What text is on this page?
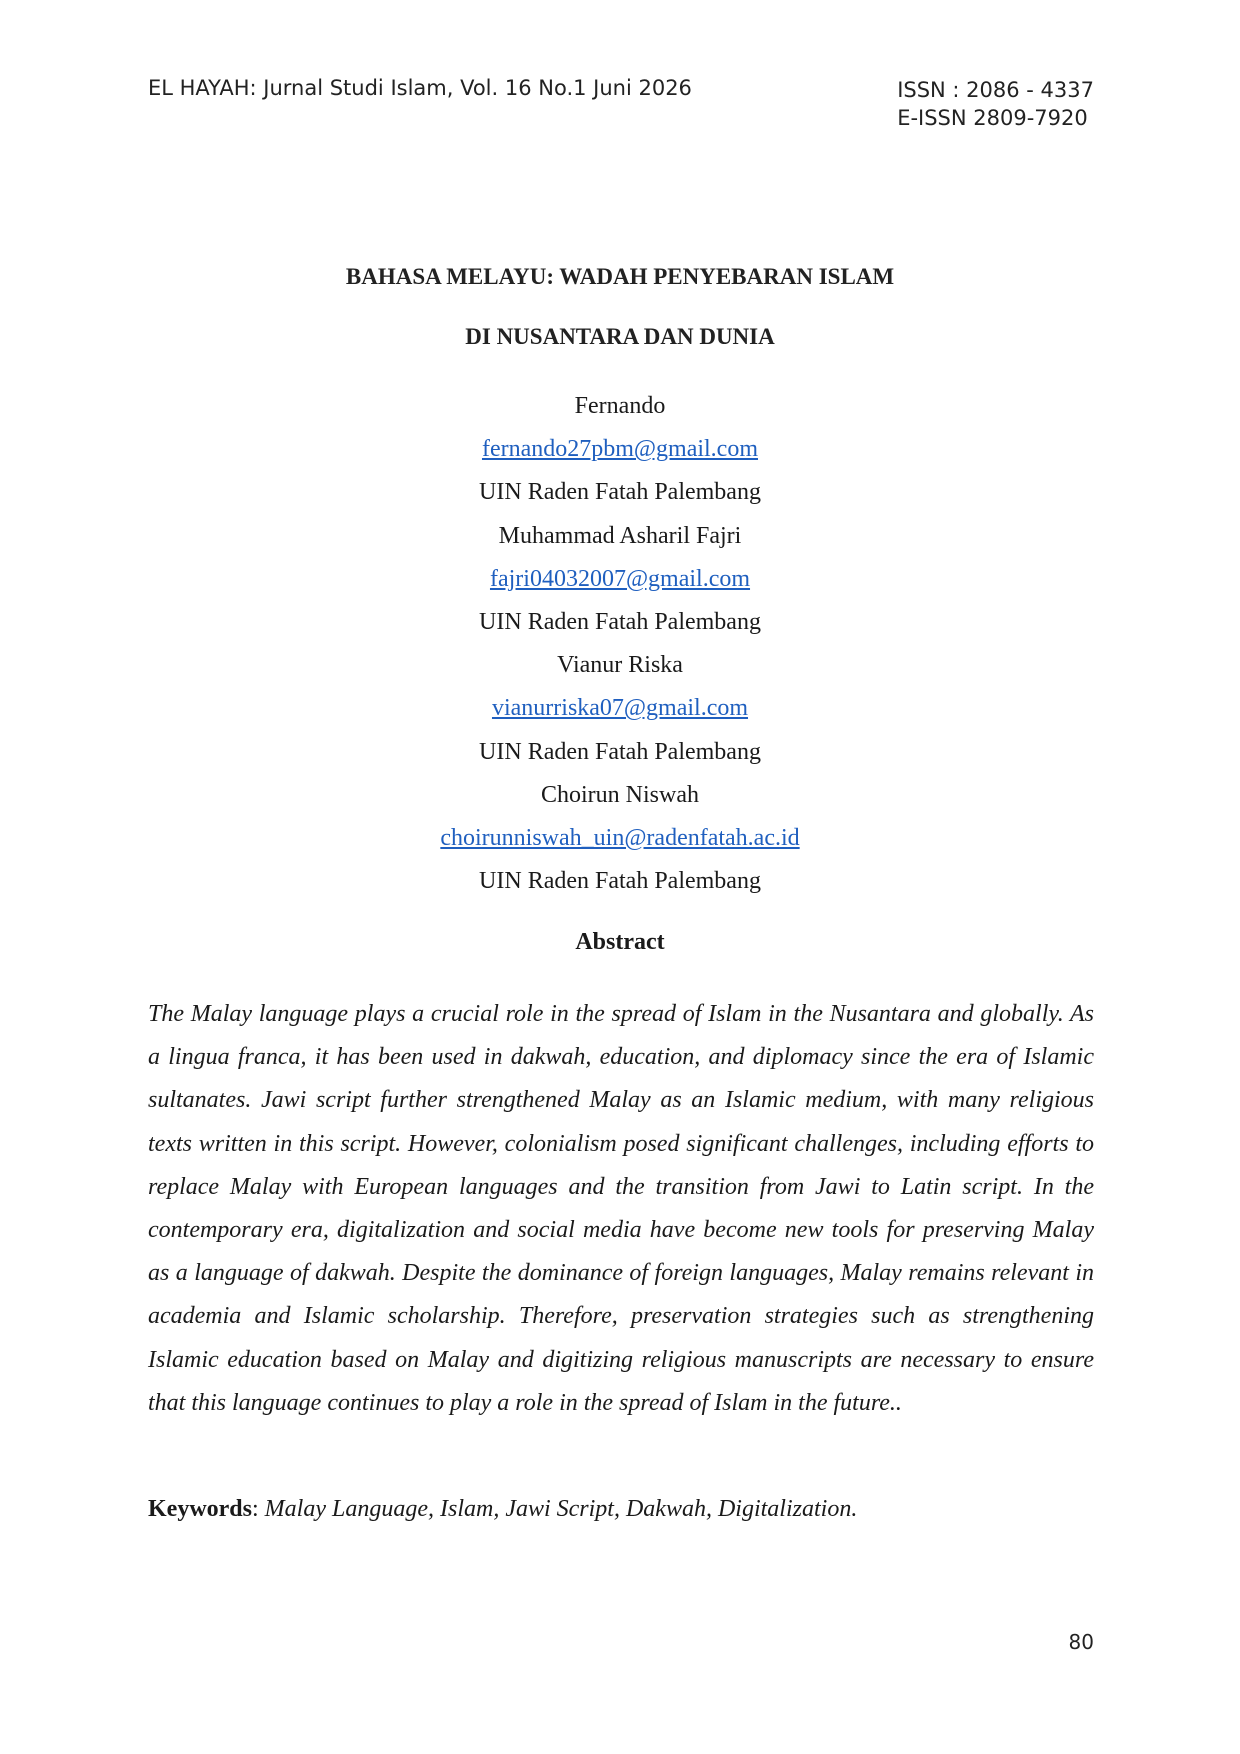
EL HAYAH: Jurnal Studi Islam, Vol. 16 No.1 Juni 2026	ISSN : 2086 - 4337
E-ISSN 2809-7920
BAHASA MELAYU: WADAH PENYEBARAN ISLAM
DI NUSANTARA DAN DUNIA
Fernando
fernando27pbm@gmail.com
UIN Raden Fatah Palembang
Muhammad Asharil Fajri
fajri04032007@gmail.com
UIN Raden Fatah Palembang
Vianur Riska
vianurriska07@gmail.com
UIN Raden Fatah Palembang
Choirun Niswah
choirunniswah_uin@radenfatah.ac.id
UIN Raden Fatah Palembang
Abstract
The Malay language plays a crucial role in the spread of Islam in the Nusantara and globally. As a lingua franca, it has been used in dakwah, education, and diplomacy since the era of Islamic sultanates. Jawi script further strengthened Malay as an Islamic medium, with many religious texts written in this script. However, colonialism posed significant challenges, including efforts to replace Malay with European languages and the transition from Jawi to Latin script. In the contemporary era, digitalization and social media have become new tools for preserving Malay as a language of dakwah. Despite the dominance of foreign languages, Malay remains relevant in academia and Islamic scholarship. Therefore, preservation strategies such as strengthening Islamic education based on Malay and digitizing religious manuscripts are necessary to ensure that this language continues to play a role in the spread of Islam in the future..
Keywords: Malay Language, Islam, Jawi Script, Dakwah, Digitalization.
80
